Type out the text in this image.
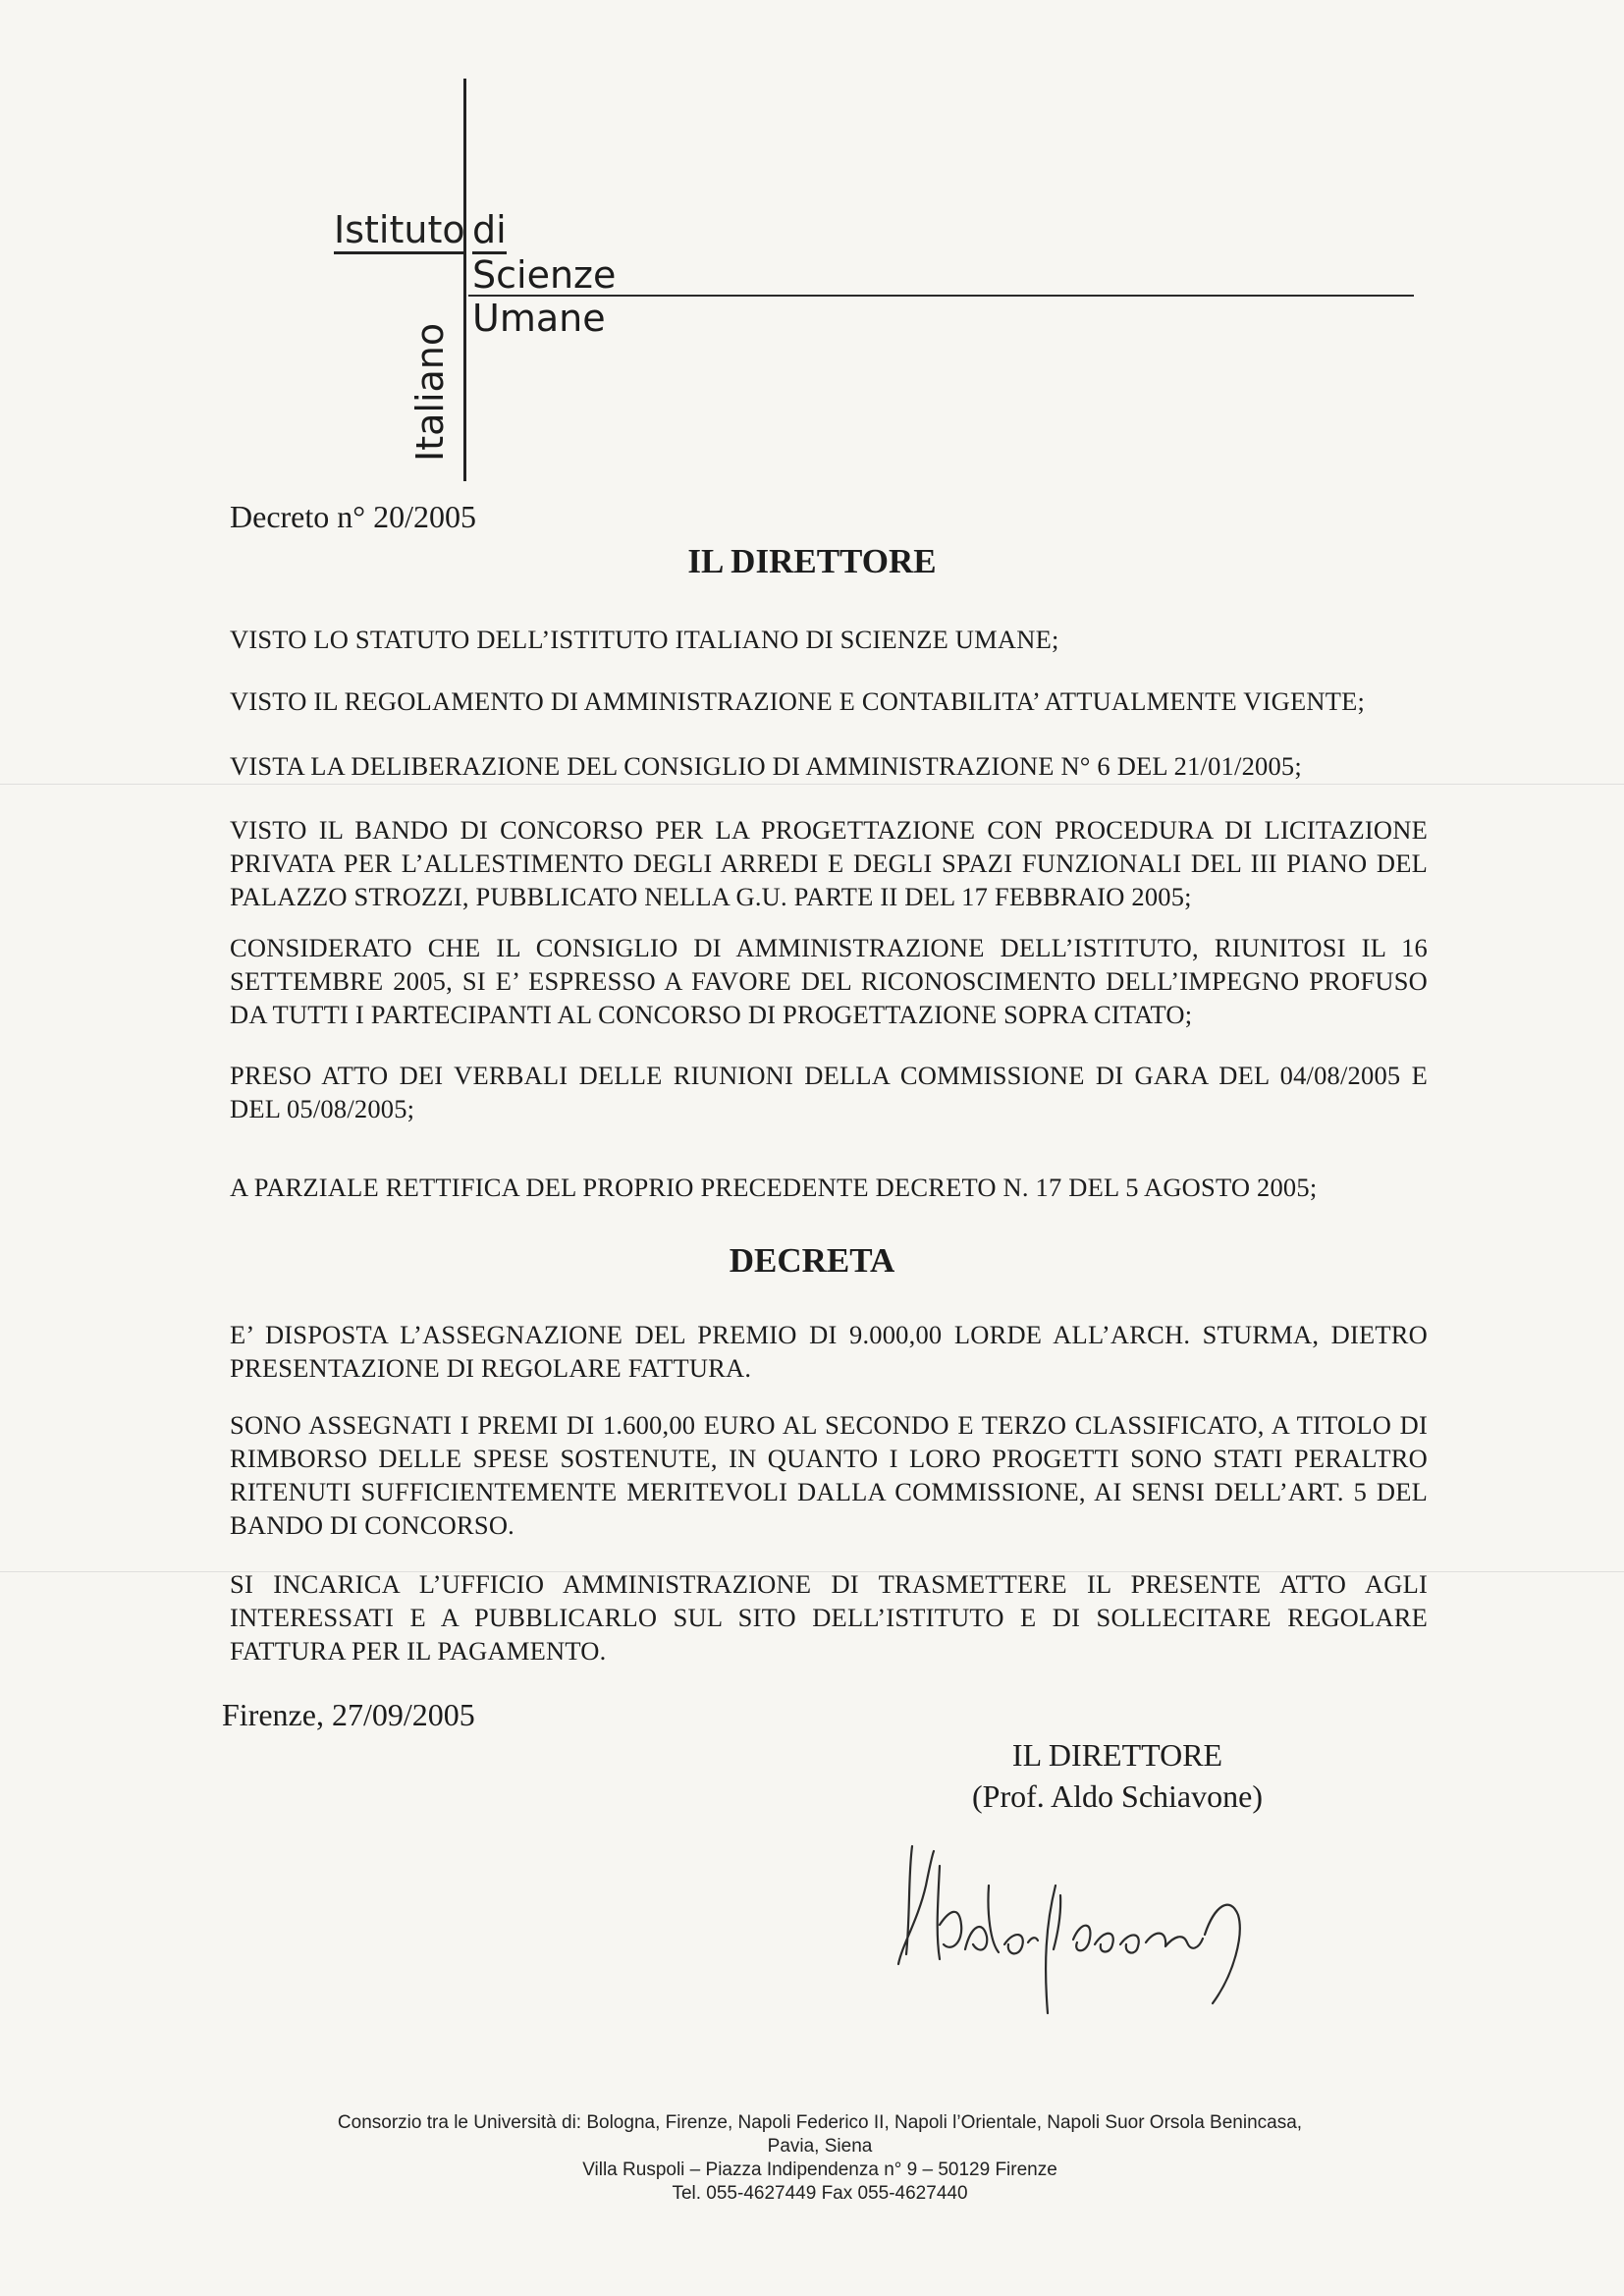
Istituto di
Scienze
Umane
Italiano
Decreto n° 20/2005
IL DIRETTORE
VISTO LO STATUTO DELL’ISTITUTO ITALIANO DI SCIENZE UMANE;
VISTO IL REGOLAMENTO DI AMMINISTRAZIONE E CONTABILITA’ ATTUALMENTE VIGENTE;
VISTA LA DELIBERAZIONE DEL CONSIGLIO DI AMMINISTRAZIONE N° 6 DEL 21/01/2005;
VISTO IL BANDO DI CONCORSO PER LA PROGETTAZIONE CON PROCEDURA DI LICITAZIONE PRIVATA PER L’ALLESTIMENTO DEGLI ARREDI E DEGLI SPAZI FUNZIONALI DEL III PIANO DEL PALAZZO STROZZI, PUBBLICATO NELLA G.U. PARTE II DEL 17 FEBBRAIO 2005;
CONSIDERATO CHE IL CONSIGLIO DI AMMINISTRAZIONE DELL’ISTITUTO, RIUNITOSI IL 16 SETTEMBRE 2005, SI E’ ESPRESSO A FAVORE DEL RICONOSCIMENTO DELL’IMPEGNO PROFUSO DA TUTTI I PARTECIPANTI AL CONCORSO DI PROGETTAZIONE SOPRA CITATO;
PRESO ATTO DEI VERBALI DELLE RIUNIONI DELLA COMMISSIONE DI GARA DEL 04/08/2005 E DEL 05/08/2005;
A PARZIALE RETTIFICA DEL PROPRIO PRECEDENTE DECRETO N. 17 DEL 5 AGOSTO 2005;
DECRETA
E’ DISPOSTA L’ASSEGNAZIONE DEL PREMIO DI 9.000,00 LORDE ALL’ARCH. STURMA, DIETRO PRESENTAZIONE DI REGOLARE FATTURA.
SONO ASSEGNATI I PREMI DI 1.600,00 EURO AL SECONDO E TERZO CLASSIFICATO, A TITOLO DI RIMBORSO DELLE SPESE SOSTENUTE, IN QUANTO I LORO PROGETTI SONO STATI PERALTRO RITENUTI SUFFICIENTEMENTE MERITEVOLI DALLA COMMISSIONE, AI SENSI DELL’ART. 5 DEL BANDO DI CONCORSO.
SI INCARICA L’UFFICIO AMMINISTRAZIONE DI TRASMETTERE IL PRESENTE ATTO AGLI INTERESSATI E A PUBBLICARLO SUL SITO DELL’ISTITUTO E DI SOLLECITARE REGOLARE FATTURA PER IL PAGAMENTO.
Firenze, 27/09/2005
IL DIRETTORE
(Prof. Aldo Schiavone)
Consorzio tra le Università di: Bologna, Firenze, Napoli Federico II, Napoli l’Orientale, Napoli Suor Orsola Benincasa,
Pavia, Siena
Villa Ruspoli – Piazza Indipendenza n° 9 – 50129 Firenze
Tel. 055-4627449 Fax 055-4627440
